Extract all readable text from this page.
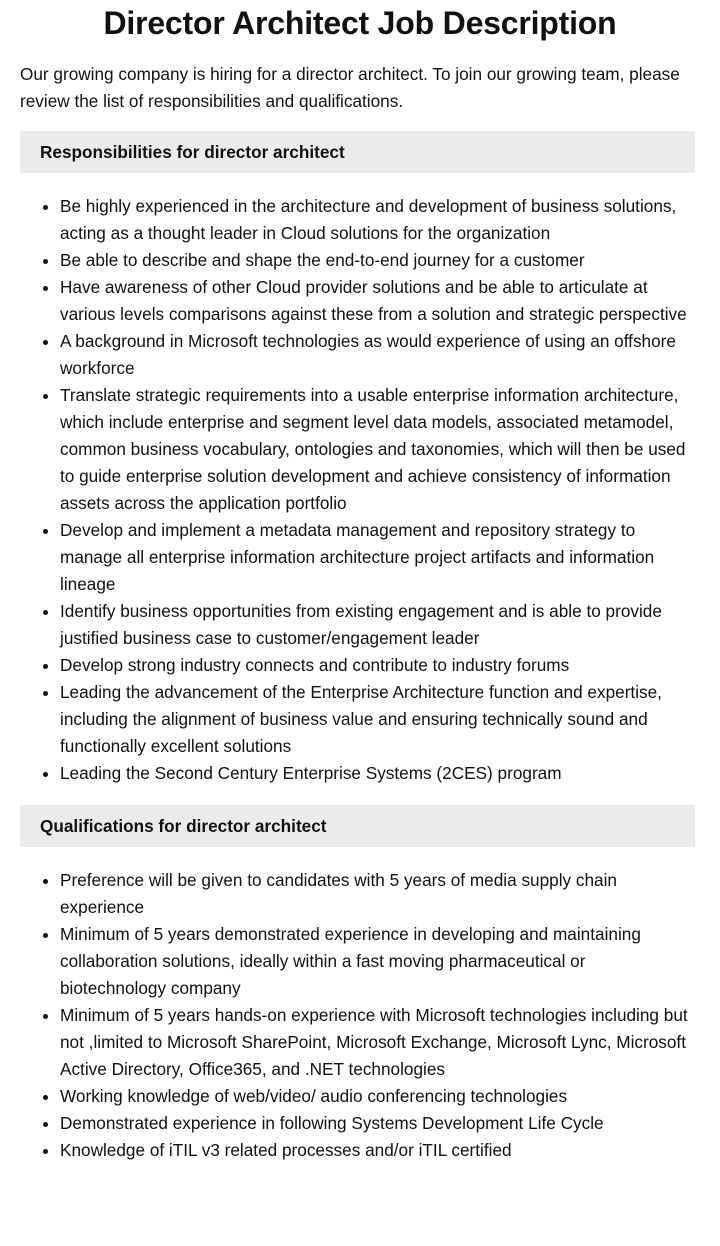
Director Architect Job Description

Our growing company is hiring for a director architect. To join our growing team, please review the list of responsibilities and qualifications.

Responsibilities for director architect
• Be highly experienced in the architecture and development of business solutions, acting as a thought leader in Cloud solutions for the organization
• Be able to describe and shape the end-to-end journey for a customer
• Have awareness of other Cloud provider solutions and be able to articulate at various levels comparisons against these from a solution and strategic perspective
• A background in Microsoft technologies as would experience of using an offshore workforce
• Translate strategic requirements into a usable enterprise information architecture, which include enterprise and segment level data models, associated metamodel, common business vocabulary, ontologies and taxonomies, which will then be used to guide enterprise solution development and achieve consistency of information assets across the application portfolio
• Develop and implement a metadata management and repository strategy to manage all enterprise information architecture project artifacts and information lineage
• Identify business opportunities from existing engagement and is able to provide justified business case to customer/engagement leader
• Develop strong industry connects and contribute to industry forums
• Leading the advancement of the Enterprise Architecture function and expertise, including the alignment of business value and ensuring technically sound and functionally excellent solutions
• Leading the Second Century Enterprise Systems (2CES) program
Qualifications for director architect
• Preference will be given to candidates with 5 years of media supply chain experience
• Minimum of 5 years demonstrated experience in developing and maintaining collaboration solutions, ideally within a fast moving pharmaceutical or biotechnology company
• Minimum of 5 years hands-on experience with Microsoft technologies including but not ,limited to Microsoft SharePoint, Microsoft Exchange, Microsoft Lync, Microsoft Active Directory, Office365, and .NET technologies
• Working knowledge of web/video/ audio conferencing technologies
• Demonstrated experience in following Systems Development Life Cycle
• Knowledge of iTIL v3 related processes and/or iTIL certified
